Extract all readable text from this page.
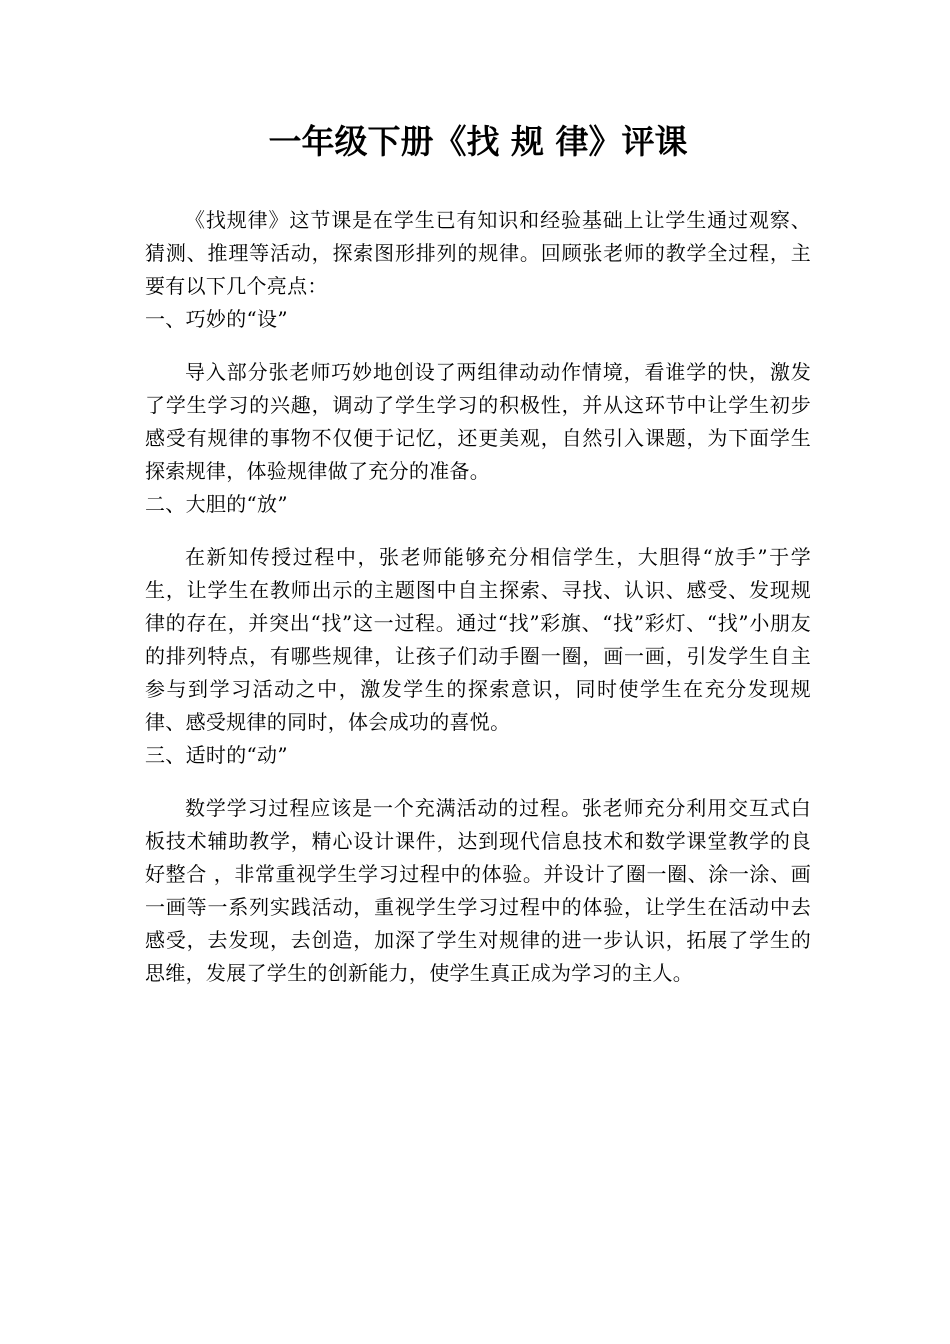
一年级下册《找 规 律》评课

《找规律》这节课是在学生已有知识和经验基础上让学生通过观察、猜测、推理等活动，探索图形排列的规律。回顾张老师的教学全过程，主要有以下几个亮点：

一、巧妙的“设”

导入部分张老师巧妙地创设了两组律动动作情境，看谁学的快，激发了学生学习的兴趣，调动了学生学习的积极性，并从这环节中让学生初步感受有规律的事物不仅便于记忆，还更美观，自然引入课题，为下面学生探索规律，体验规律做了充分的准备。

二、大胆的“放”

在新知传授过程中，张老师能够充分相信学生，大胆得“放手”于学生，让学生在教师出示的主题图中自主探索、寻找、认识、感受、发现规律的存在，并突出“找”这一过程。通过“找”彩旗、“找”彩灯、“找”小朋友的排列特点，有哪些规律，让孩子们动手圈一圈，画一画，引发学生自主参与到学习活动之中，激发学生的探索意识，同时使学生在充分发现规律、感受规律的同时，体会成功的喜悦。

三、适时的“动”

数学学习过程应该是一个充满活动的过程。张老师充分利用交互式白板技术辅助教学，精心设计课件，达到现代信息技术和数学课堂教学的良好整合 ，非常重视学生学习过程中的体验。并设计了圈一圈、涂一涂、画一画等一系列实践活动，重视学生学习过程中的体验，让学生在活动中去感受，去发现，去创造，加深了学生对规律的进一步认识，拓展了学生的思维，发展了学生的创新能力，使学生真正成为学习的主人。
